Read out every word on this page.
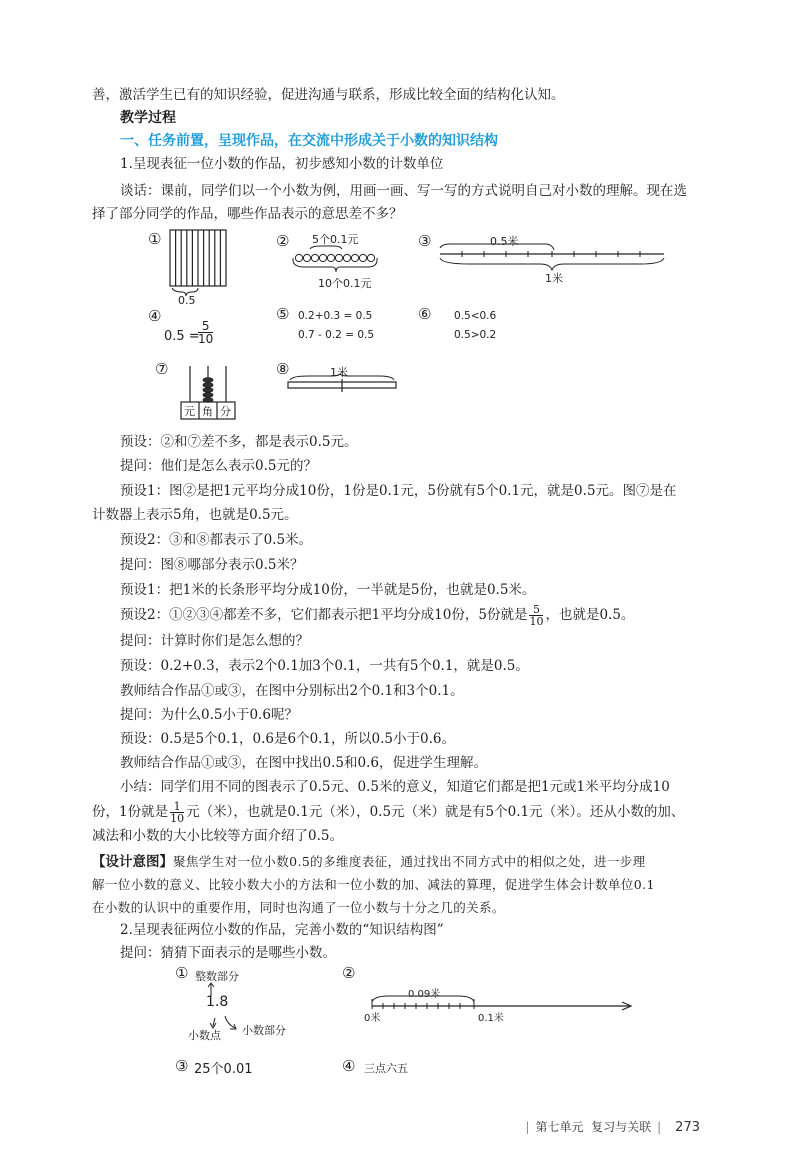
善，激活学生已有的知识经验，促进沟通与联系，形成比较全面的结构化认知。
教学过程
一、任务前置，呈现作品，在交流中形成关于小数的知识结构
1.呈现表征一位小数的作品，初步感知小数的计数单位
谈话：课前，同学们以一个小数为例，用画一画、写一写的方式说明自己对小数的理解。现在选
择了部分同学的作品，哪些作品表示的意思差不多？
①
0.5
② 5个0.1元
10个0.1元
③	0.5米
1米
④
0.5 =
$\frac{5}{10}$
⑤ 0.2+0.3 = 0.5
0.7 - 0.2 = 0.5
⑥ 0.5<0.6
0.5>0.2
⑦
元 角 分
⑧	1米
预设：②和⑦差不多，都是表示0.5元。
提问：他们是怎么表示0.5元的？
预设1：图②是把1元平均分成10份，1份是0.1元，5份就有5个0.1元，就是0.5元。图⑦是在
计数器上表示5角，也就是0.5元。
预设2：③和⑧都表示了0.5米。
提问：图⑧哪部分表示0.5米？
预设1：把1米的长条形平均分成10份，一半就是5份，也就是0.5米。
预设2：①②③④都差不多，它们都表示把1平均分成10份，5份就是 $\frac{5}{10}$ ，也就是0.5。
提问：计算时你们是怎么想的？
预设：0.2+0.3，表示2个0.1加3个0.1，一共有5个0.1，就是0.5。
教师结合作品①或③，在图中分别标出2个0.1和3个0.1。
提问：为什么0.5小于0.6呢？
预设：0.5是5个0.1，0.6是6个0.1，所以0.5小于0.6。
教师结合作品①或③，在图中找出0.5和0.6，促进学生理解。
小结：同学们用不同的图表示了0.5元、0.5米的意义，知道它们都是把1元或1米平均分成10
份，1份就是 $\frac{1}{10}$ 元（米），也就是0.1元（米），0.5元（米）就是有5个0.1元（米）。还从小数的加、
减法和小数的大小比较等方面介绍了0.5。
【设计意图】聚焦学生对一位小数0.5的多维度表征，通过找出不同方式中的相似之处，进一步理
解一位小数的意义、比较小数大小的方法和一位小数的加、减法的算理，促进学生体会计数单位0.1
在小数的认识中的重要作用，同时也沟通了一位小数与十分之几的关系。
2.呈现表征两位小数的作品，完善小数的“知识结构图”
提问：猜猜下面表示的是哪些小数。
① 整数部分
1.8
小数点 小数部分
②
0.09米
0米	0.1米
③ 25个0.01	④ 三点六五
| 第七单元 复习与关联 | 273
